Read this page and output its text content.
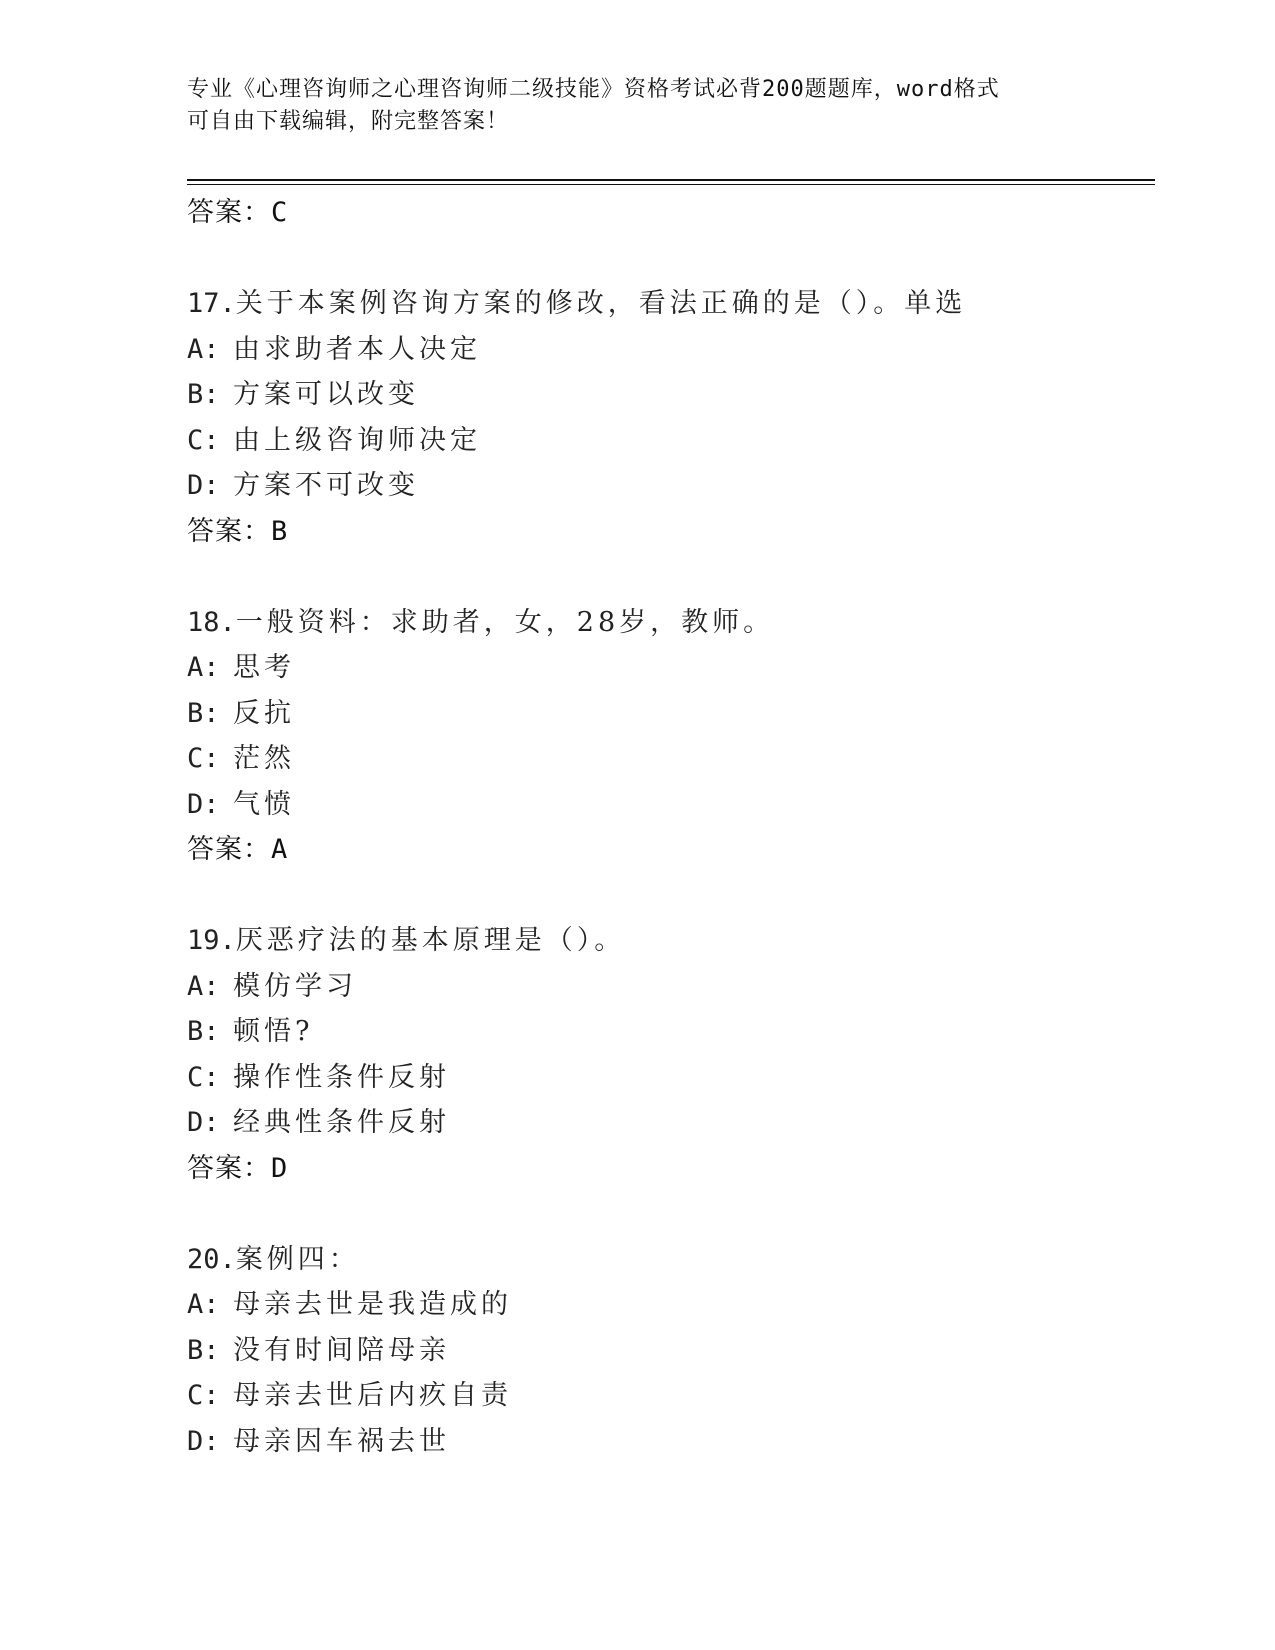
专业《心理咨询师之心理咨询师二级技能》资格考试必背200题题库，word格式
可自由下载编辑，附完整答案！
答案：C
17.关于本案例咨询方案的修改，看法正确的是（）。单选
A: 由求助者本人决定
B: 方案可以改变
C: 由上级咨询师决定
D: 方案不可改变
答案：B
18.一般资料：求助者，女，28岁，教师。
A: 思考
B: 反抗
C: 茫然
D: 气愤
答案：A
19.厌恶疗法的基本原理是（）。
A: 模仿学习
B: 顿悟?
C: 操作性条件反射
D: 经典性条件反射
答案：D
20.案例四：
A: 母亲去世是我造成的
B: 没有时间陪母亲
C: 母亲去世后内疚自责
D: 母亲因车祸去世
